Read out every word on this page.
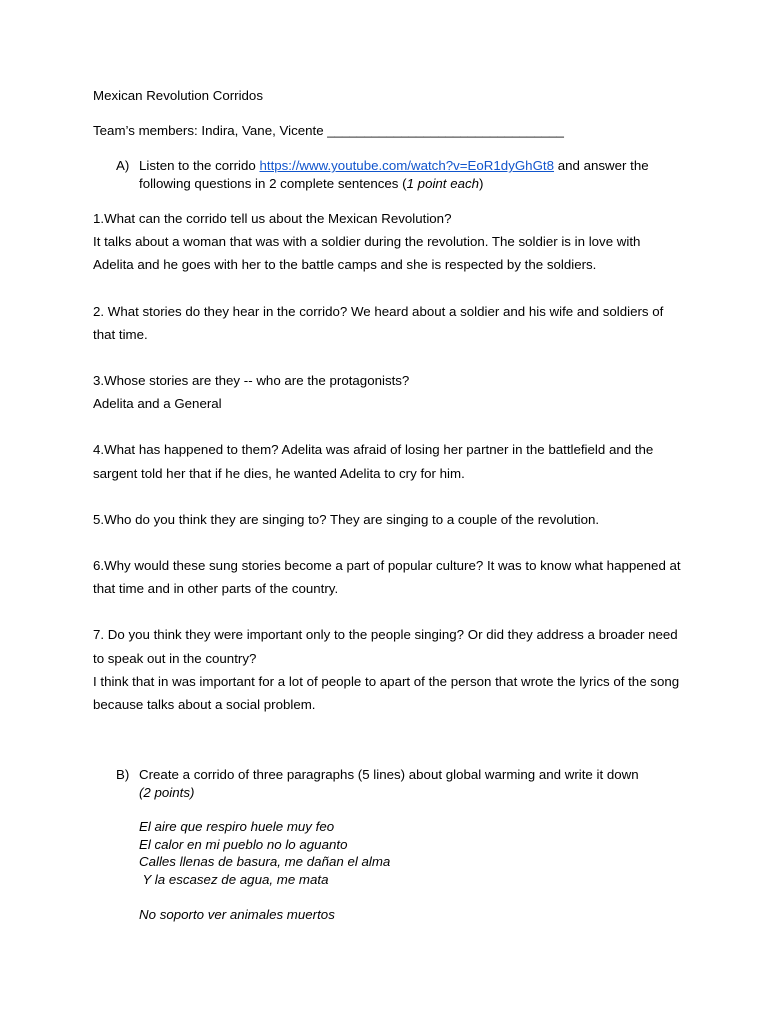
Mexican Revolution Corridos

Team’s members: Indira, Vane, Vicente ________________________________

A) Listen to the corrido https://www.youtube.com/watch?v=EoR1dyGhGt8 and answer the following questions in 2 complete sentences (1 point each)

1.What can the corrido tell us about the Mexican Revolution?

It talks about a woman that was with a soldier during the revolution. The soldier is in love with Adelita and he goes with her to the battle camps and she is respected by the soldiers.

2. What stories do they hear in the corrido? We heard about a soldier and his wife and soldiers of that time.

3.Whose stories are they -- who are the protagonists?

Adelita and a General

4.What has happened to them? Adelita was afraid of losing her partner in the battlefield and the sargent told her that if he dies, he wanted Adelita to cry for him.

5.Who do you think they are singing to? They are singing to a couple of the revolution.

6.Why would these sung stories become a part of popular culture? It was to know what happened at that time and in other parts of the country.

7. Do you think they were important only to the people singing? Or did they address a broader need to speak out in the country?

I think that in was important for a lot of people to apart of the person that wrote the lyrics of the song because talks about a social problem.

B) Create a corrido of three paragraphs (5 lines) about global warming and write it down

(2 points)

El aire que respiro huele muy feo

El calor en mi pueblo no lo aguanto

Calles llenas de basura, me dañan el alma

Y la escasez de agua, me mata

No soporto ver animales muertos
